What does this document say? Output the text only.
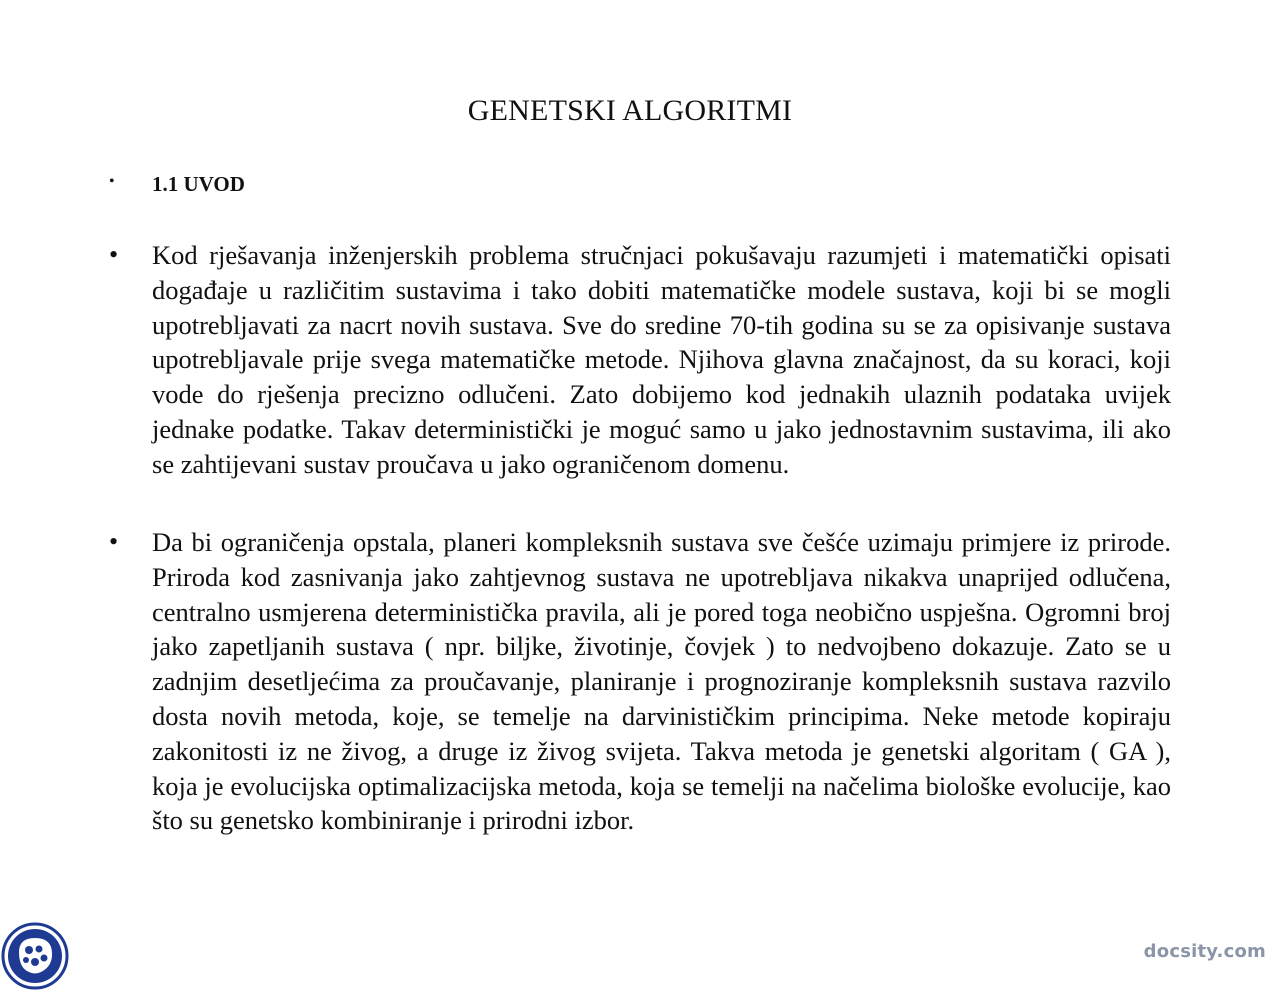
GENETSKI ALGORITMI
• 1.1 UVOD
• Kod rješavanja inženjerskih problema stručnjaci pokušavaju razumjeti i matematički opisati događaje u različitim sustavima i tako dobiti matematičke modele sustava, koji bi se mogli upotrebljavati za nacrt novih sustava. Sve do sredine 70-tih godina su se za opisivanje sustava upotrebljavale prije svega matematičke metode. Njihova glavna značajnost, da su koraci, koji vode do rješenja precizno odlučeni. Zato dobijemo kod jednakih ulaznih podataka uvijek jednake podatke. Takav deterministički je moguć samo u jako jednostavnim sustavima, ili ako se zahtijevani sustav proučava u jako ograničenom domenu.
• Da bi ograničenja opstala, planeri kompleksnih sustava sve češće uzimaju primjere iz prirode. Priroda kod zasnivanja jako zahtjevnog sustava ne upotrebljava nikakva unaprijed odlučena, centralno usmjerena deterministička pravila, ali je pored toga neobično uspješna. Ogromni broj jako zapetljanih sustava ( npr. biljke, životinje, čovjek ) to nedvojbeno dokazuje. Zato se u zadnjim desetljećima za proučavanje, planiranje i prognoziranje kompleksnih sustava razvilo dosta novih metoda, koje, se temelje na darvinističkim principima. Neke metode kopiraju zakonitosti iz ne živog, a druge iz živog svijeta. Takva metoda je genetski algoritam ( GA ), koja je evolucijska optimalizacijska metoda, koja se temelji na načelima biološke evolucije, kao što su genetsko kombiniranje i prirodni izbor.
docsity.com
